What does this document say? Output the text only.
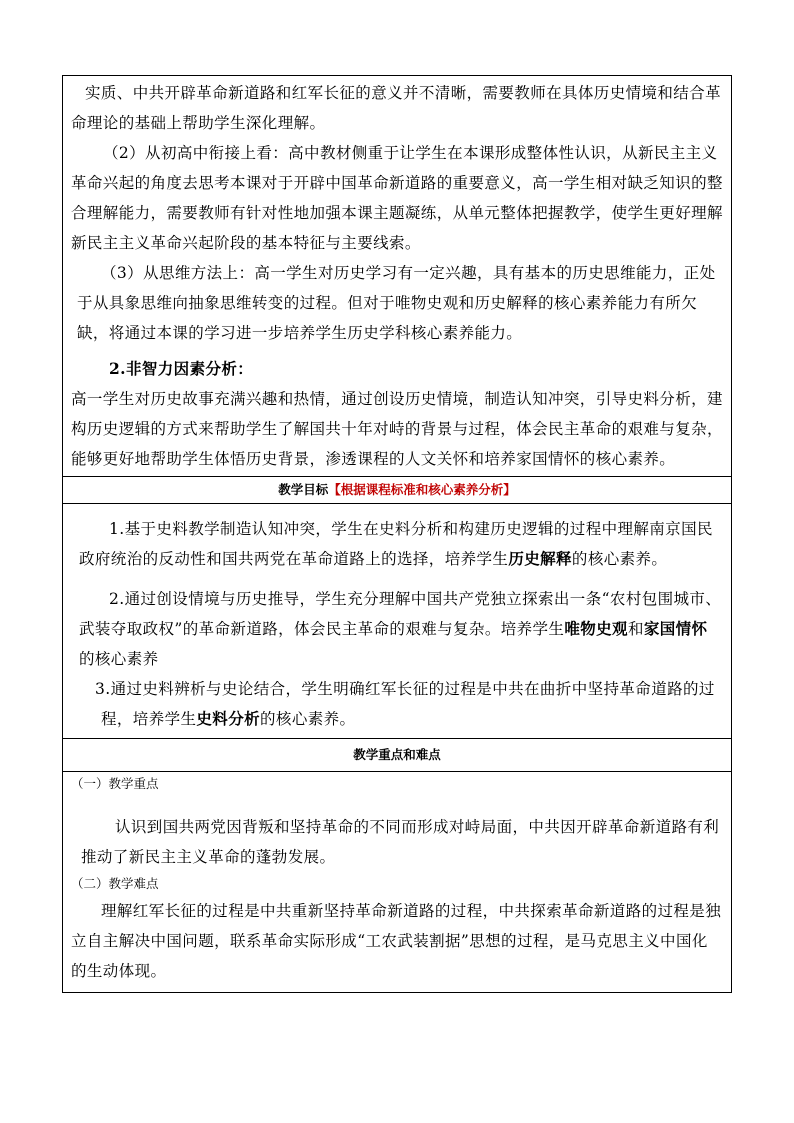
实质、中共开辟革命新道路和红军长征的意义并不清晰，需要教师在具体历史情境和结合革命理论的基础上帮助学生深化理解。

（2）从初高中衔接上看：高中教材侧重于让学生在本课形成整体性认识，从新民主主义革命兴起的角度去思考本课对于开辟中国革命新道路的重要意义，高一学生相对缺乏知识的整合理解能力，需要教师有针对性地加强本课主题凝练，从单元整体把握教学，使学生更好理解新民主主义革命兴起阶段的基本特征与主要线索。

（3）从思维方法上：高一学生对历史学习有一定兴趣，具有基本的历史思维能力，正处于从具象思维向抽象思维转变的过程。但对于唯物史观和历史解释的核心素养能力有所欠缺，将通过本课的学习进一步培养学生历史学科核心素养能力。

2.非智力因素分析：

高一学生对历史故事充满兴趣和热情，通过创设历史情境，制造认知冲突，引导史料分析，建构历史逻辑的方式来帮助学生了解国共十年对峙的背景与过程，体会民主革命的艰难与复杂，能够更好地帮助学生体悟历史背景，渗透课程的人文关怀和培养家国情怀的核心素养。

教学目标【根据课程标准和核心素养分析】

1.基于史料教学制造认知冲突，学生在史料分析和构建历史逻辑的过程中理解南京国民政府统治的反动性和国共两党在革命道路上的选择，培养学生历史解释的核心素养。

2.通过创设情境与历史推导，学生充分理解中国共产党独立探索出一条“农村包围城市、武装夺取政权”的革命新道路，体会民主革命的艰难与复杂。培养学生唯物史观和家国情怀的核心素养

3.通过史料辨析与史论结合，学生明确红军长征的过程是中共在曲折中坚持革命道路的过程，培养学生史料分析的核心素养。

教学重点和难点

（一）教学重点

认识到国共两党因背叛和坚持革命的不同而形成对峙局面，中共因开辟革命新道路有利推动了新民主主义革命的蓬勃发展。

（二）教学难点

理解红军长征的过程是中共重新坚持革命新道路的过程，中共探索革命新道路的过程是独立自主解决中国问题，联系革命实际形成“工农武装割据”思想的过程，是马克思主义中国化的生动体现。
